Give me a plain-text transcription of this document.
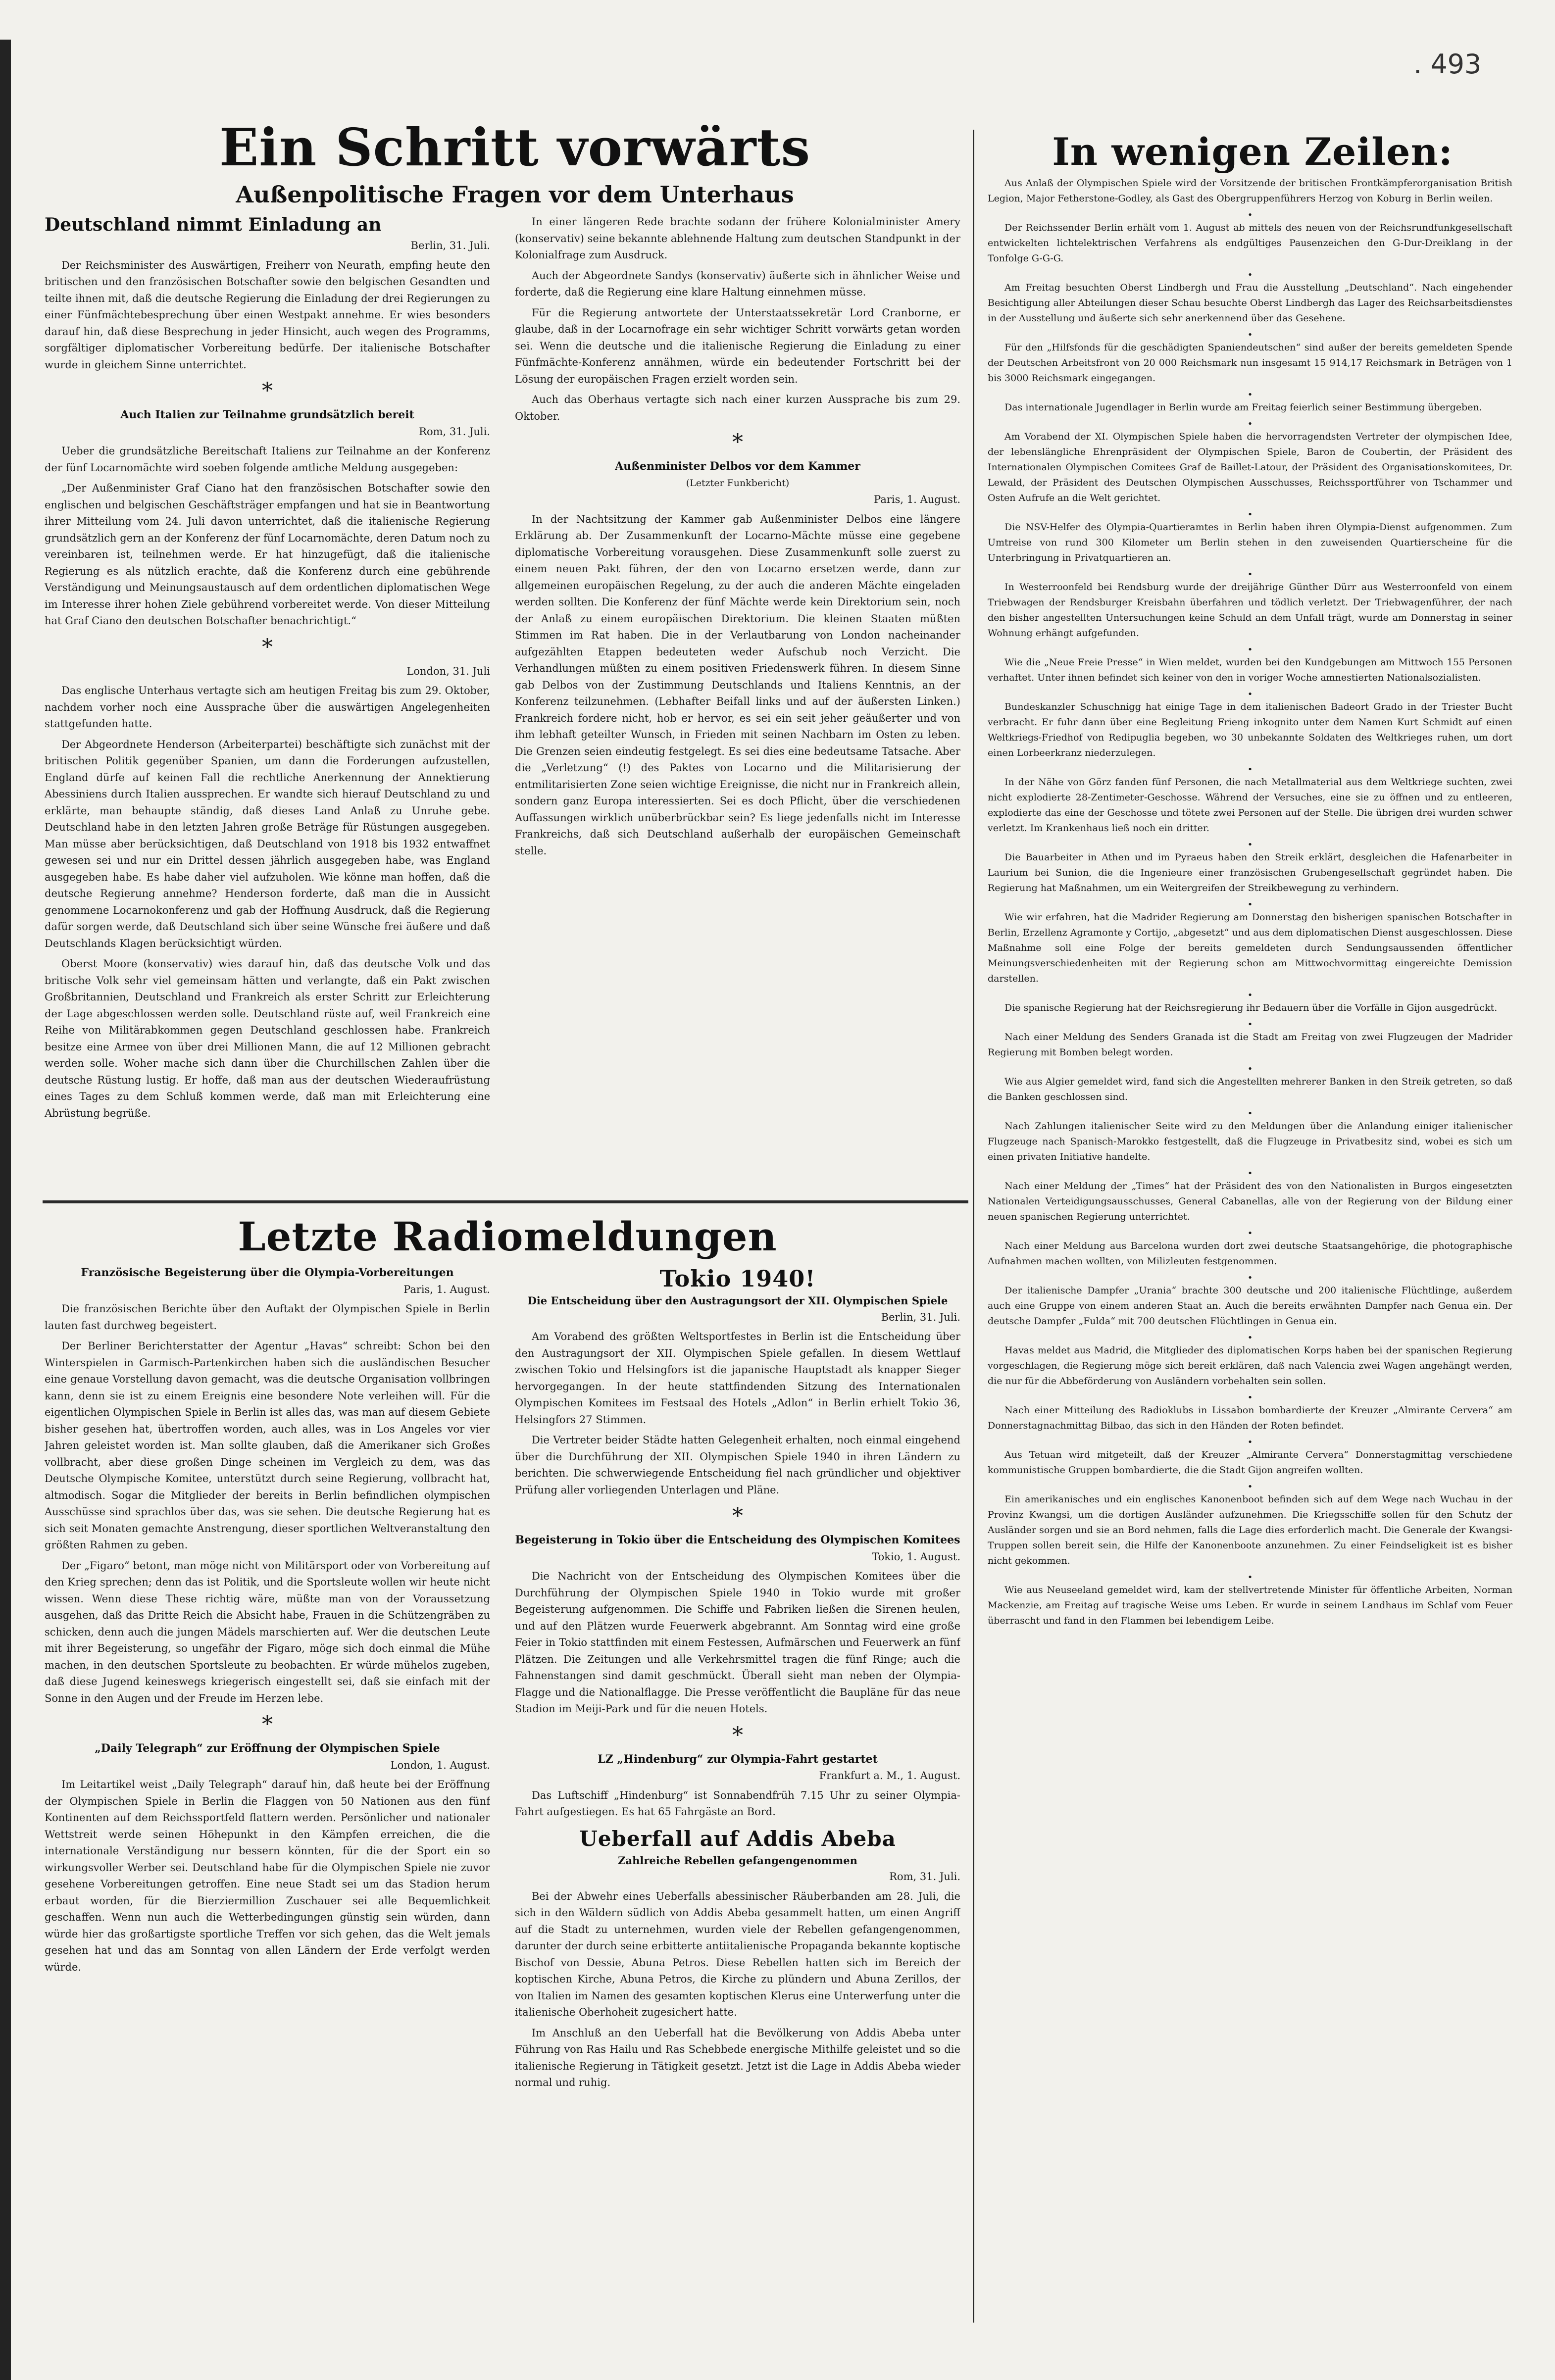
. 493
Ein Schritt vorwärts
Außenpolitische Fragen vor dem Unterhaus
In wenigen Zeilen:
Deutschland nimmt Einladung an
Berlin, 31. Juli.

Der Reichsminister des Auswärtigen, Freiherr von Neurath, empfing heute den britischen und den französischen Botschafter sowie den belgischen Gesandten und teilte ihnen mit, daß die deutsche Regierung die Einladung der drei Regierungen zu einer Fünfmächtebesprechung über einen Westpakt annehme. Er wies besonders darauf hin, daß diese Besprechung in jeder Hinsicht, auch wegen des Programms, sorgfältiger diplomatischer Vorbereitung bedürfe. Der italienische Botschafter wurde in gleichem Sinne unterrichtet.

*
Auch Italien zur Teilnahme grundsätzlich bereit
Rom, 31. Juli.

Ueber die grundsätzliche Bereitschaft Italiens zur Teilnahme an der Konferenz der fünf Locarnomächte wird soeben folgende amtliche Meldung ausgegeben:

„Der Außenminister Graf Ciano hat den französischen Botschafter sowie den englischen und belgischen Geschäftsträger empfangen und hat sie in Beantwortung ihrer Mitteilung vom 24. Juli davon unterrichtet, daß die italienische Regierung grundsätzlich gern an der Konferenz der fünf Locarnomächte, deren Datum noch zu vereinbaren ist, teilnehmen werde. Er hat hinzugefügt, daß die italienische Regierung es als nützlich erachte, daß die Konferenz durch eine gebührende Verständigung und Meinungsaustausch auf dem ordentlichen diplomatischen Wege im Interesse ihrer hohen Ziele gebührend vorbereitet werde. Von dieser Mitteilung hat Graf Ciano den deutschen Botschafter benachrichtigt.“

*
London, 31. Juli

Das englische Unterhaus vertagte sich am heutigen Freitag bis zum 29. Oktober, nachdem vorher noch eine Aussprache über die auswärtigen Angelegenheiten stattgefunden hatte.

Der Abgeordnete Henderson (Arbeiterpartei) beschäftigte sich zunächst mit der britischen Politik gegenüber Spanien, um dann die Forderungen aufzustellen, England dürfe auf keinen Fall die rechtliche Anerkennung der Annektierung Abessiniens durch Italien aussprechen. Er wandte sich hierauf Deutschland zu und erklärte, man behaupte ständig, daß dieses Land Anlaß zu Unruhe gebe. Deutschland habe in den letzten Jahren große Beträge für Rüstungen ausgegeben. Man müsse aber berücksichtigen, daß Deutschland von 1918 bis 1932 entwaffnet gewesen sei und nur ein Drittel dessen jährlich ausgegeben habe, was England ausgegeben habe. Es habe daher viel aufzuholen. Wie könne man hoffen, daß die deutsche Regierung annehme? Henderson forderte, daß man die in Aussicht genommene Locarnokonferenz und gab der Hoffnung Ausdruck, daß die Regierung dafür sorgen werde, daß Deutschland sich über seine Wünsche frei äußere und daß Deutschlands Klagen berücksichtigt würden.

Oberst Moore (konservativ) wies darauf hin, daß das deutsche Volk und das britische Volk sehr viel gemeinsam hätten und verlangte, daß ein Pakt zwischen Großbritannien, Deutschland und Frankreich als erster Schritt zur Erleichterung der Lage abgeschlossen werden solle. Deutschland rüste auf, weil Frankreich eine Reihe von Militärabkommen gegen Deutschland geschlossen habe. Frankreich besitze eine Armee von über drei Millionen Mann, die auf 12 Millionen gebracht werden solle. Woher mache sich dann über die Churchillschen Zahlen über die deutsche Rüstung lustig. Er hoffe, daß man aus der deutschen Wiederaufrüstung eines Tages zu dem Schluß kommen werde, daß man mit Erleichterung eine Abrüstung begrüße.

In einer längeren Rede brachte sodann der frühere Kolonialminister Amery (konservativ) seine bekannte ablehnende Haltung zum deutschen Standpunkt in der Kolonialfrage zum Ausdruck.

Auch der Abgeordnete Sandys (konservativ) äußerte sich in ähnlicher Weise und forderte, daß die Regierung eine klare Haltung einnehmen müsse.

Für die Regierung antwortete der Unterstaatssekretär Lord Cranborne, er glaube, daß in der Locarnofrage ein sehr wichtiger Schritt vorwärts getan worden sei. Wenn die deutsche und die italienische Regierung die Einladung zu einer Fünfmächte-Konferenz annähmen, würde ein bedeutender Fortschritt bei der Lösung der europäischen Fragen erzielt worden sein.

Auch das Oberhaus vertagte sich nach einer kurzen Aussprache bis zum 29. Oktober.

*
Außenminister Delbos vor dem Kammer
(Letzter Funkbericht)
Paris, 1. August.

In der Nachtsitzung der Kammer gab Außenminister Delbos eine längere Erklärung ab. Der Zusammenkunft der Locarno-Mächte müsse eine gegebene diplomatische Vorbereitung vorausgehen. Diese Zusammenkunft solle zuerst zu einem neuen Pakt führen, der den von Locarno ersetzen werde, dann zur allgemeinen europäischen Regelung, zu der auch die anderen Mächte eingeladen werden sollten. Die Konferenz der fünf Mächte werde kein Direktorium sein, noch der Anlaß zu einem europäischen Direktorium. Die kleinen Staaten müßten Stimmen im Rat haben. Die in der Verlautbarung von London nacheinander aufgezählten Etappen bedeuteten weder Aufschub noch Verzicht. Die Verhandlungen müßten zu einem positiven Friedenswerk führen. In diesem Sinne gab Delbos von der Zustimmung Deutschlands und Italiens Kenntnis, an der Konferenz teilzunehmen. (Lebhafter Beifall links und auf der äußersten Linken.) Frankreich fordere nicht, hob er hervor, es sei ein seit jeher geäußerter und von ihm lebhaft geteilter Wunsch, in Frieden mit seinen Nachbarn im Osten zu leben. Die Grenzen seien eindeutig festgelegt. Es sei dies eine bedeutsame Tatsache. Aber die „Verletzung“ (!) des Paktes von Locarno und die Militarisierung der entmilitarisierten Zone seien wichtige Ereignisse, die nicht nur in Frankreich allein, sondern ganz Europa interessierten. Sei es doch Pflicht, über die verschiedenen Auffassungen wirklich unüberbrückbar sein? Es liege jedenfalls nicht im Interesse Frankreichs, daß sich Deutschland außerhalb der europäischen Gemeinschaft stelle.

Aus Anlaß der Olympischen Spiele wird der Vorsitzende der britischen Frontkämpferorganisation British Legion, Major Fetherstone-Godley, als Gast des Obergruppenführers Herzog von Koburg in Berlin weilen.

•

Der Reichssender Berlin erhält vom 1. August ab mittels des neuen von der Reichsrundfunkgesellschaft entwickelten lichtelektrischen Verfahrens als endgültiges Pausenzeichen den G-Dur-Dreiklang in der Tonfolge G-G-G.

•

Am Freitag besuchten Oberst Lindbergh und Frau die Ausstellung „Deutschland“. Nach eingehender Besichtigung aller Abteilungen dieser Schau besuchte Oberst Lindbergh das Lager des Reichsarbeitsdienstes in der Ausstellung und äußerte sich sehr anerkennend über das Gesehene.

•

Für den „Hilfsfonds für die geschädigten Spaniendeutschen“ sind außer der bereits gemeldeten Spende der Deutschen Arbeitsfront von 20 000 Reichsmark nun insgesamt 15 914,17 Reichsmark in Beträgen von 1 bis 3000 Reichsmark eingegangen.

•

Das internationale Jugendlager in Berlin wurde am Freitag feierlich seiner Bestimmung übergeben.

•

Am Vorabend der XI. Olympischen Spiele haben die hervorragendsten Vertreter der olympischen Idee, der lebenslängliche Ehrenpräsident der Olympischen Spiele, Baron de Coubertin, der Präsident des Internationalen Olympischen Comitees Graf de Baillet-Latour, der Präsident des Organisationskomitees, Dr. Lewald, der Präsident des Deutschen Olympischen Ausschusses, Reichssportführer von Tschammer und Osten Aufrufe an die Welt gerichtet.

•

Die NSV-Helfer des Olympia-Quartieramtes in Berlin haben ihren Olympia-Dienst aufgenommen. Zum Umtreise von rund 300 Kilometer um Berlin stehen in den zuweisenden Quartierscheine für die Unterbringung in Privatquartieren an.

•

In Westerroonfeld bei Rendsburg wurde der dreijährige Günther Dürr aus Westerroonfeld von einem Triebwagen der Rendsburger Kreisbahn überfahren und tödlich verletzt. Der Triebwagenführer, der nach den bisher angestellten Untersuchungen keine Schuld an dem Unfall trägt, wurde am Donnerstag in seiner Wohnung erhängt aufgefunden.

•

Wie die „Neue Freie Presse“ in Wien meldet, wurden bei den Kundgebungen am Mittwoch 155 Personen verhaftet. Unter ihnen befindet sich keiner von den in voriger Woche amnestierten Nationalsozialisten.

•

Bundeskanzler Schuschnigg hat einige Tage in dem italienischen Badeort Grado in der Triester Bucht verbracht. Er fuhr dann über eine Begleitung Frieng inkognito unter dem Namen Kurt Schmidt auf einen Weltkriegs-Friedhof von Redipuglia begeben, wo 30 unbekannte Soldaten des Weltkrieges ruhen, um dort einen Lorbeerkranz niederzulegen.

•

In der Nähe von Görz fanden fünf Personen, die nach Metallmaterial aus dem Weltkriege suchten, zwei nicht explodierte 28-Zentimeter-Geschosse. Während der Versuches, eine sie zu öffnen und zu entleeren, explodierte das eine der Geschosse und tötete zwei Personen auf der Stelle. Die übrigen drei wurden schwer verletzt. Im Krankenhaus ließ noch ein dritter.

•

Die Bauarbeiter in Athen und im Pyraeus haben den Streik erklärt, desgleichen die Hafenarbeiter in Laurium bei Sunion, die die Ingenieure einer französischen Grubengesellschaft gegründet haben. Die Regierung hat Maßnahmen, um ein Weitergreifen der Streikbewegung zu verhindern.

•

Wie wir erfahren, hat die Madrider Regierung am Donnerstag den bisherigen spanischen Botschafter in Berlin, Erzellenz Agramonte y Cortijo, „abgesetzt“ und aus dem diplomatischen Dienst ausgeschlossen. Diese Maßnahme soll eine Folge der bereits gemeldeten durch Sendungsaussenden öffentlicher Meinungsverschiedenheiten mit der Regierung schon am Mittwochvormittag eingereichte Demission darstellen.

•

Die spanische Regierung hat der Reichsregierung ihr Bedauern über die Vorfälle in Gijon ausgedrückt.

•

Nach einer Meldung des Senders Granada ist die Stadt am Freitag von zwei Flugzeugen der Madrider Regierung mit Bomben belegt worden.

•

Wie aus Algier gemeldet wird, fand sich die Angestellten mehrerer Banken in den Streik getreten, so daß die Banken geschlossen sind.

•

Nach Zahlungen italienischer Seite wird zu den Meldungen über die Anlandung einiger italienischer Flugzeuge nach Spanisch-Marokko festgestellt, daß die Flugzeuge in Privatbesitz sind, wobei es sich um einen privaten Initiative handelte.

•

Nach einer Meldung der „Times“ hat der Präsident des von den Nationalisten in Burgos eingesetzten Nationalen Verteidigungsausschusses, General Cabanellas, alle von der Regierung von der Bildung einer neuen spanischen Regierung unterrichtet.

•

Nach einer Meldung aus Barcelona wurden dort zwei deutsche Staatsangehörige, die photographische Aufnahmen machen wollten, von Milizleuten festgenommen.

•

Der italienische Dampfer „Urania“ brachte 300 deutsche und 200 italienische Flüchtlinge, außerdem auch eine Gruppe von einem anderen Staat an. Auch die bereits erwähnten Dampfer nach Genua ein. Der deutsche Dampfer „Fulda“ mit 700 deutschen Flüchtlingen in Genua ein.

•

Havas meldet aus Madrid, die Mitglieder des diplomatischen Korps haben bei der spanischen Regierung vorgeschlagen, die Regierung möge sich bereit erklären, daß nach Valencia zwei Wagen angehängt werden, die nur für die Abbeförderung von Ausländern vorbehalten sein sollen.

•

Nach einer Mitteilung des Radioklubs in Lissabon bombardierte der Kreuzer „Almirante Cervera“ am Donnerstagnachmittag Bilbao, das sich in den Händen der Roten befindet.

•

Aus Tetuan wird mitgeteilt, daß der Kreuzer „Almirante Cervera“ Donnerstagmittag verschiedene kommunistische Gruppen bombardierte, die die Stadt Gijon angreifen wollten.

•

Ein amerikanisches und ein englisches Kanonenboot befinden sich auf dem Wege nach Wuchau in der Provinz Kwangsi, um die dortigen Ausländer aufzunehmen. Die Kriegsschiffe sollen für den Schutz der Ausländer sorgen und sie an Bord nehmen, falls die Lage dies erforderlich macht. Die Generale der Kwangsi-Truppen sollen bereit sein, die Hilfe der Kanonenboote anzunehmen. Zu einer Feindseligkeit ist es bisher nicht gekommen.

•

Wie aus Neuseeland gemeldet wird, kam der stellvertretende Minister für öffentliche Arbeiten, Norman Mackenzie, am Freitag auf tragische Weise ums Leben. Er wurde in seinem Landhaus im Schlaf vom Feuer überrascht und fand in den Flammen bei lebendigem Leibe.

Letzte Radiomeldungen
Französische Begeisterung über die Olympia-Vorbereitungen
Paris, 1. August.

Die französischen Berichte über den Auftakt der Olympischen Spiele in Berlin lauten fast durchweg begeistert.

Der Berliner Berichterstatter der Agentur „Havas“ schreibt: Schon bei den Winterspielen in Garmisch-Partenkirchen haben sich die ausländischen Besucher eine genaue Vorstellung davon gemacht, was die deutsche Organisation vollbringen kann, denn sie ist zu einem Ereignis eine besondere Note verleihen will. Für die eigentlichen Olympischen Spiele in Berlin ist alles das, was man auf diesem Gebiete bisher gesehen hat, übertroffen worden, auch alles, was in Los Angeles vor vier Jahren geleistet worden ist. Man sollte glauben, daß die Amerikaner sich Großes vollbracht, aber diese großen Dinge scheinen im Vergleich zu dem, was das Deutsche Olympische Komitee, unterstützt durch seine Regierung, vollbracht hat, altmodisch. Sogar die Mitglieder der bereits in Berlin befindlichen olympischen Ausschüsse sind sprachlos über das, was sie sehen. Die deutsche Regierung hat es sich seit Monaten gemachte Anstrengung, dieser sportlichen Weltveranstaltung den größten Rahmen zu geben.

Der „Figaro“ betont, man möge nicht von Militärsport oder von Vorbereitung auf den Krieg sprechen; denn das ist Politik, und die Sportsleute wollen wir heute nicht wissen. Wenn diese These richtig wäre, müßte man von der Voraussetzung ausgehen, daß das Dritte Reich die Absicht habe, Frauen in die Schützengräben zu schicken, denn auch die jungen Mädels marschierten auf. Wer die deutschen Leute mit ihrer Begeisterung, so ungefähr der Figaro, möge sich doch einmal die Mühe machen, in den deutschen Sportsleute zu beobachten. Er würde mühelos zugeben, daß diese Jugend keineswegs kriegerisch eingestellt sei, daß sie einfach mit der Sonne in den Augen und der Freude im Herzen lebe.

*
„Daily Telegraph“ zur Eröffnung der Olympischen Spiele
London, 1. August.

Im Leitartikel weist „Daily Telegraph“ darauf hin, daß heute bei der Eröffnung der Olympischen Spiele in Berlin die Flaggen von 50 Nationen aus den fünf Kontinenten auf dem Reichssportfeld flattern werden. Persönlicher und nationaler Wettstreit werde seinen Höhepunkt in den Kämpfen erreichen, die die internationale Verständigung nur bessern könnten, für die der Sport ein so wirkungsvoller Werber sei. Deutschland habe für die Olympischen Spiele nie zuvor gesehene Vorbereitungen getroffen. Eine neue Stadt sei um das Stadion herum erbaut worden, für die Bierziermillion Zuschauer sei alle Bequemlichkeit geschaffen. Wenn nun auch die Wetterbedingungen günstig sein würden, dann würde hier das großartigste sportliche Treffen vor sich gehen, das die Welt jemals gesehen hat und das am Sonntag von allen Ländern der Erde verfolgt werden würde.

Tokio 1940!
Die Entscheidung über den Austragungsort der XII. Olympischen Spiele
Berlin, 31. Juli.

Am Vorabend des größten Weltsportfestes in Berlin ist die Entscheidung über den Austragungsort der XII. Olympischen Spiele gefallen. In diesem Wettlauf zwischen Tokio und Helsingfors ist die japanische Hauptstadt als knapper Sieger hervorgegangen. In der heute stattfindenden Sitzung des Internationalen Olympischen Komitees im Festsaal des Hotels „Adlon“ in Berlin erhielt Tokio 36, Helsingfors 27 Stimmen.

Die Vertreter beider Städte hatten Gelegenheit erhalten, noch einmal eingehend über die Durchführung der XII. Olympischen Spiele 1940 in ihren Ländern zu berichten. Die schwerwiegende Entscheidung fiel nach gründlicher und objektiver Prüfung aller vorliegenden Unterlagen und Pläne.

*
Begeisterung in Tokio über die Entscheidung des Olympischen Komitees
Tokio, 1. August.

Die Nachricht von der Entscheidung des Olympischen Komitees über die Durchführung der Olympischen Spiele 1940 in Tokio wurde mit großer Begeisterung aufgenommen. Die Schiffe und Fabriken ließen die Sirenen heulen, und auf den Plätzen wurde Feuerwerk abgebrannt. Am Sonntag wird eine große Feier in Tokio stattfinden mit einem Festessen, Aufmärschen und Feuerwerk an fünf Plätzen. Die Zeitungen und alle Verkehrsmittel tragen die fünf Ringe; auch die Fahnenstangen sind damit geschmückt. Überall sieht man neben der Olympia-Flagge und die Nationalflagge. Die Presse veröffentlicht die Baupläne für das neue Stadion im Meiji-Park und für die neuen Hotels.

*
LZ „Hindenburg“ zur Olympia-Fahrt gestartet
Frankfurt a. M., 1. August.

Das Luftschiff „Hindenburg“ ist Sonnabendfrüh 7.15 Uhr zu seiner Olympia-Fahrt aufgestiegen. Es hat 65 Fahrgäste an Bord.

Ueberfall auf Addis Abeba
Zahlreiche Rebellen gefangengenommen
Rom, 31. Juli.

Bei der Abwehr eines Ueberfalls abessinischer Räuberbanden am 28. Juli, die sich in den Wäldern südlich von Addis Abeba gesammelt hatten, um einen Angriff auf die Stadt zu unternehmen, wurden viele der Rebellen gefangengenommen, darunter der durch seine erbitterte antiitalienische Propaganda bekannte koptische Bischof von Dessie, Abuna Petros. Diese Rebellen hatten sich im Bereich der koptischen Kirche, Abuna Petros, die Kirche zu plündern und Abuna Zerillos, der von Italien im Namen des gesamten koptischen Klerus eine Unterwerfung unter die italienische Oberhoheit zugesichert hatte.

Im Anschluß an den Ueberfall hat die Bevölkerung von Addis Abeba unter Führung von Ras Hailu und Ras Schebbede energische Mithilfe geleistet und so die italienische Regierung in Tätigkeit gesetzt. Jetzt ist die Lage in Addis Abeba wieder normal und ruhig.
